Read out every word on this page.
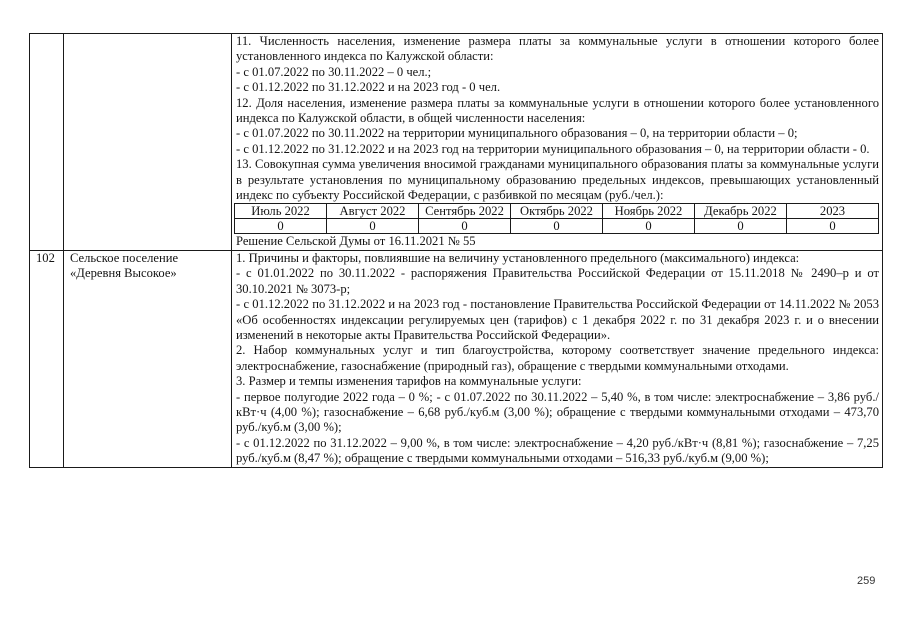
11. Численность населения, изменение размера платы за коммунальные услуги в отношении которого более установленного индекса по Калужской области:

- с 01.07.2022 по 30.11.2022 – 0 чел.;

- с 01.12.2022 по 31.12.2022 и на 2023 год - 0 чел.

12. Доля населения, изменение размера платы за коммунальные услуги в отношении которого более установленного индекса по Калужской области, в общей численности населения:

- с 01.07.2022 по 30.11.2022 на территории муниципального образования – 0, на территории области – 0;

- с 01.12.2022 по 31.12.2022 и на 2023 год на территории муниципального образования – 0, на территории области - 0.

13. Совокупная сумма увеличения вносимой гражданами муниципального образования платы за коммунальные услуги в результате установления по муниципальному образованию предельных индексов, превышающих установленный индекс по субъекту Российской Федерации, с разбивкой по месяцам (руб./чел.):

Июль 2022	Август 2022	Сентябрь 2022	Октябрь 2022	Ноябрь 2022	Декабрь 2022	2023
0	0	0	0	0	0	0

Решение Сельской Думы от 16.11.2021 № 55

102	Сельское поселение «Деревня Высокое»	

1. Причины и факторы, повлиявшие на величину установленного предельного (максимального) индекса:

- с 01.01.2022 по 30.11.2022 - распоряжения Правительства Российской Федерации от 15.11.2018 № 2490–р и от 30.10.2021 № 3073-р;

- с 01.12.2022 по 31.12.2022 и на 2023 год - постановление Правительства Российской Федерации от 14.11.2022 № 2053 «Об особенностях индексации регулируемых цен (тарифов) с 1 декабря 2022 г. по 31 декабря 2023 г. и о внесении изменений в некоторые акты Правительства Российской Федерации».

2. Набор коммунальных услуг и тип благоустройства, которому соответствует значение предельного индекса: электроснабжение, газоснабжение (природный газ), обращение с твердыми коммунальными отходами.

3. Размер и темпы изменения тарифов на коммунальные услуги:

- первое полугодие 2022 года – 0 %; - с 01.07.2022 по 30.11.2022 – 5,40 %, в том числе: электроснабжение – 3,86 руб./кВт·ч (4,00 %); газоснабжение – 6,68 руб./куб.м (3,00 %); обращение с твердыми коммунальными отходами – 473,70 руб./куб.м (3,00 %);

- с 01.12.2022 по 31.12.2022 – 9,00 %, в том числе: электроснабжение – 4,20 руб./кВт·ч (8,81 %); газоснабжение – 7,25 руб./куб.м (8,47 %); обращение с твердыми коммунальными отходами – 516,33 руб./куб.м (9,00 %);

259
